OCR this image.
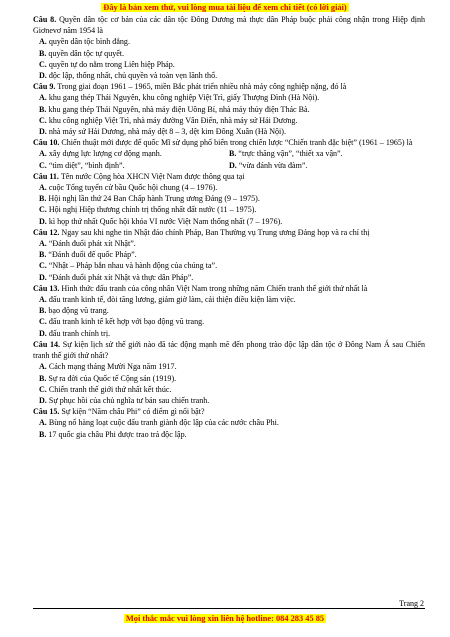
Đây là bản xem thử, vui lòng mua tài liệu để xem chi tiết (có lời giải)

Câu 8. Quyền dân tộc cơ bản của các dân tộc Đông Dương mà thực dân Pháp buộc phải công nhận trong Hiệp định Giơnevơ năm 1954 là

A. quyền dân tộc bình đẳng.

B. quyền dân tộc tự quyết.

C. quyền tự do nằm trong Liên hiệp Pháp.

D. độc lập, thống nhất, chủ quyền và toàn vẹn lãnh thổ.

Câu 9. Trong giai đoạn 1961 – 1965, miền Bắc phát triển nhiều nhà máy công nghiệp nặng, đó là

A. khu gang thép Thái Nguyên, khu công nghiệp Việt Trì, giấy Thượng Đình (Hà Nội).

B. khu gang thép Thái Nguyên, nhà máy điện Uông Bí, nhà máy thủy điện Thác Bà.

C. khu công nghiệp Việt Trì, nhà máy đường Vân Điển, nhà máy sứ Hải Dương.

D. nhà máy sứ Hải Dương, nhà máy dệt 8 – 3, dệt kim Đông Xuân (Hà Nội).

Câu 10. Chiến thuật mới được đế quốc Mĩ sử dụng phổ biến trong chiến lược “Chiến tranh đặc biệt” (1961 – 1965) là

A. xây dựng lực lượng cơ động mạnh.	B. “trực thăng vận”, “thiết xa vận”.
C. “tìm diệt”, “bình định”.	D. “vừa đánh vừa đàm”.

Câu 11. Tên nước Cộng hòa XHCN Việt Nam được thông qua tại

A. cuộc Tổng tuyển cử bầu Quốc hội chung (4 – 1976).

B. Hội nghị lần thứ 24 Ban Chấp hành Trung ương Đảng (9 – 1975).

C. Hội nghị Hiệp thương chính trị thống nhất đất nước (11 – 1975).

D. kì họp thứ nhất Quốc hội khóa VI nước Việt Nam thống nhất (7 – 1976).

Câu 12. Ngay sau khi nghe tin Nhật đảo chính Pháp, Ban Thường vụ Trung ương Đảng họp và ra chỉ thị

A. “Đánh đuổi phát xít Nhật”.

B. “Đánh đuổi đế quốc Pháp”.

C. “Nhật – Pháp bắn nhau và hành động của chúng ta”.

D. “Đánh đuổi phát xít Nhật và thực dân Pháp”.

Câu 13. Hình thức đấu tranh của công nhân Việt Nam trong những năm Chiến tranh thế giới thứ nhất là

A. đấu tranh kinh tế, đòi tăng lương, giảm giờ làm, cải thiện điều kiện làm việc.

B. bạo động vũ trang.

C. đấu tranh kinh tế kết hợp với bạo động vũ trang.

D. đấu tranh chính trị.

Câu 14. Sự kiện lịch sử thế giới nào đã tác động mạnh mẽ đến phong trào độc lập dân tộc ở Đông Nam Á sau Chiến tranh thế giới thứ nhất?

A. Cách mạng tháng Mười Nga năm 1917.

B. Sự ra đời của Quốc tế Cộng sản (1919).

C. Chiến tranh thế giới thứ nhất kết thúc.

D. Sự phục hồi của chủ nghĩa tư bản sau chiến tranh.

Câu 15. Sự kiện “Năm châu Phi” có điểm gì nổi bật?

A. Bùng nổ hàng loạt cuộc đấu tranh giành độc lập của các nước châu Phi.

B. 17 quốc gia châu Phi được trao trả độc lập.

Trang 2
Mọi thắc mắc vui lòng xin liên hệ hotline: 084 283 45 85
